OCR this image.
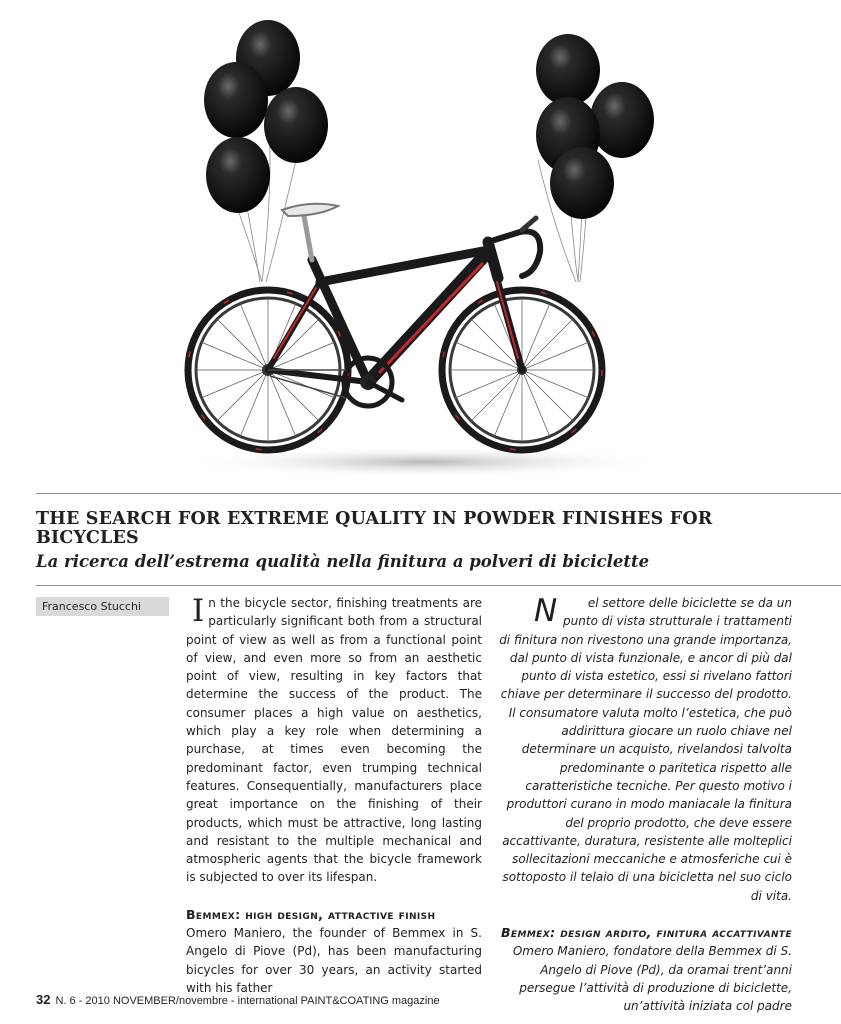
THE SEARCH FOR EXTREME QUALITY IN POWDER FINISHES FOR BICYCLES
La ricerca dell’estrema qualità nella finitura a polveri di biciclette
Francesco Stucchi	In the bicycle sector, finishing treatments are particularly significant both from a structural point of view as well as from a functional point of view, and even more so from an aesthetic point of view, resulting in key factors that determine the success of the product. The consumer places a high value on aesthetics, which play a key role when determining a purchase, at times even becoming the predominant factor, even trumping technical features. Consequentially, manufacturers place great importance on the finishing of their products, which must be attractive, long lasting and resistant to the multiple mechanical and atmospheric agents that the bicycle framework is subjected to over its lifespan.

Bemmex: high design, attractive finish

Omero Maniero, the founder of Bemmex in S. Angelo di Piove (Pd), has been manufacturing bicycles for over 30 years, an activity started with his father

N	el settore delle biciclette se da un punto di vista strutturale i trattamenti di finitura non rivestono una grande importanza, dal punto di vista funzionale, e ancor di più dal punto di vista estetico, essi si rivelano fattori chiave per determinare il successo del prodotto. Il consumatore valuta molto l’estetica, che può addirittura giocare un ruolo chiave nel determinare un acquisto, rivelandosi talvolta predominante o paritetica rispetto alle caratteristiche tecniche. Per questo motivo i produttori curano in modo maniacale la finitura del proprio prodotto, che deve essere accattivante, duratura, resistente alle molteplici sollecitazioni meccaniche e atmosferiche cui è sottoposto il telaio di una bicicletta nel suo ciclo di vita.

Bemmex: design ardito, finitura accattivante

Omero Maniero, fondatore della Bemmex di S. Angelo di Piove (Pd), da oramai trent’anni persegue l’attività di produzione di biciclette, un’attività iniziata col padre

32 N. 6 - 2010 NOVEMBER/novembre - international PAINT&COATING magazine
